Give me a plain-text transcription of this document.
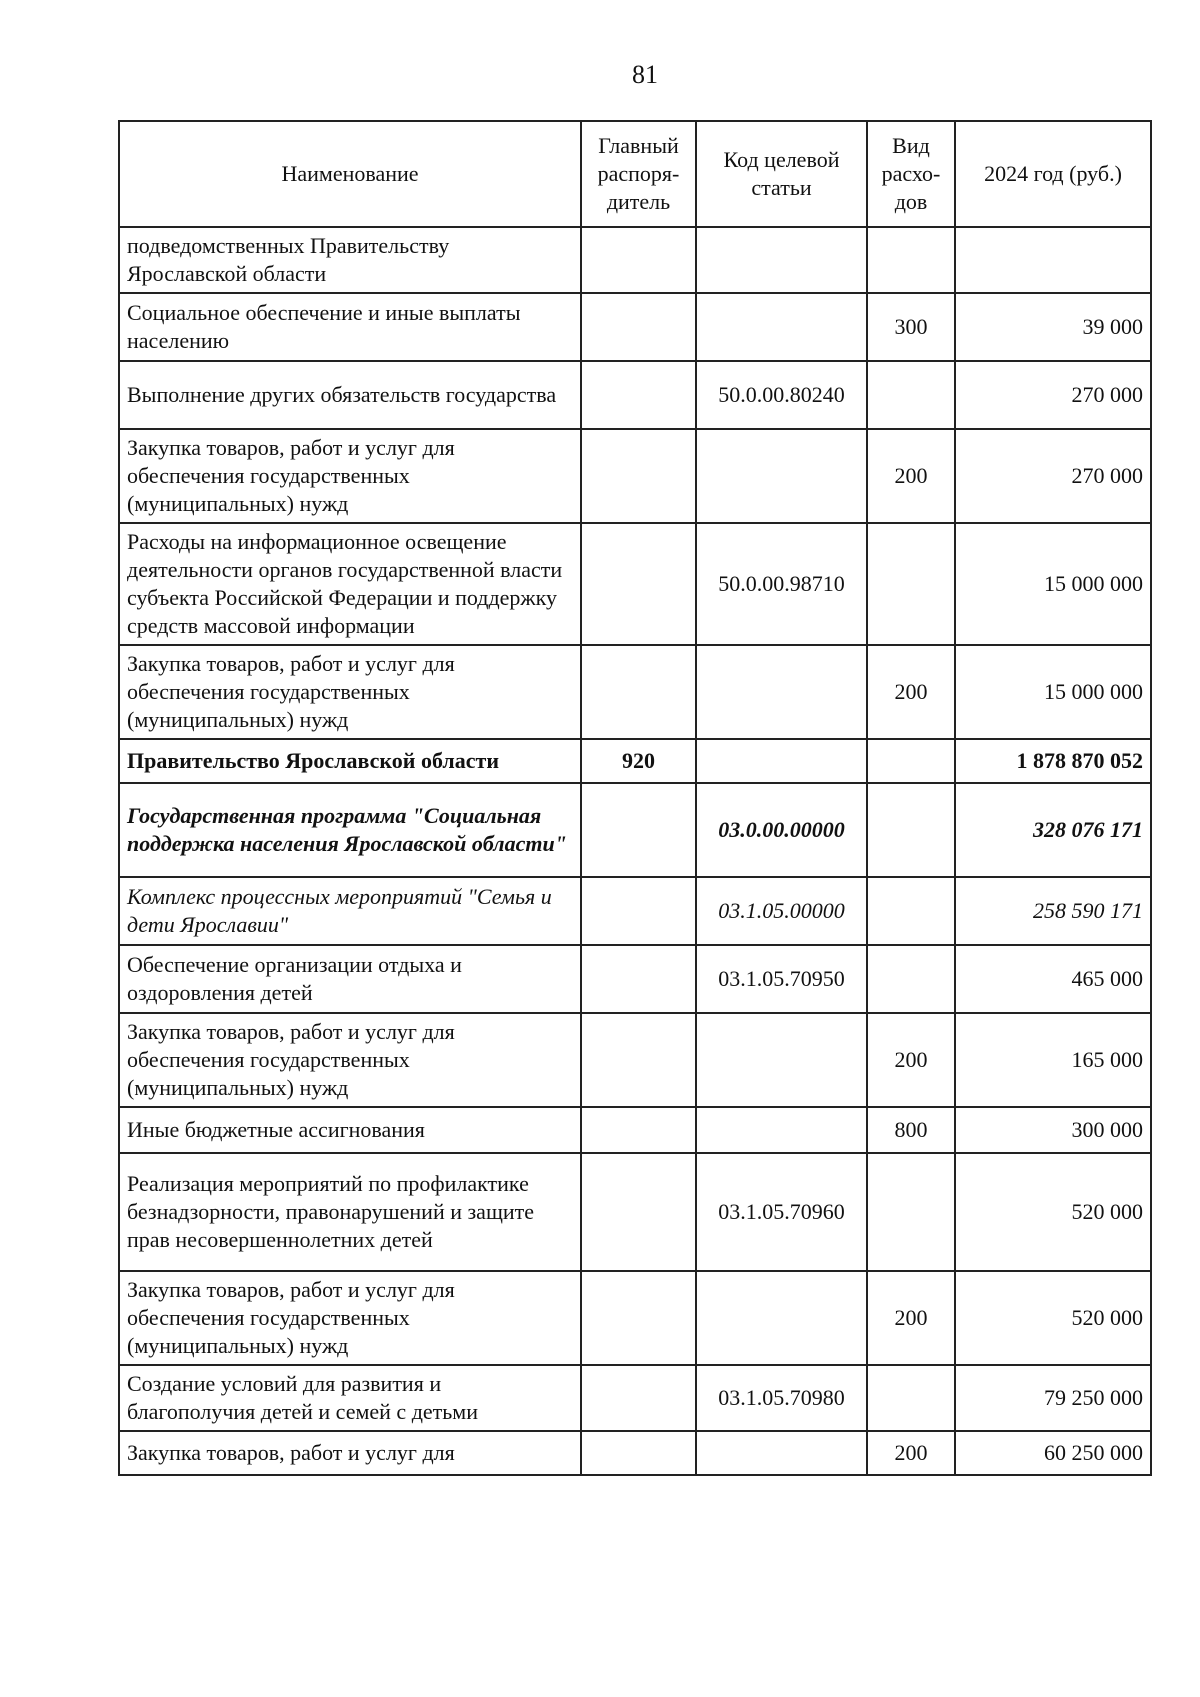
81
Наименование	Главный распоря-дитель	Код целевой статьи	Вид расхо-дов	2024 год (руб.)
подведомственных Правительству Ярославской области				
Социальное обеспечение и иные выплаты населению			300	39 000
Выполнение других обязательств государства		50.0.00.80240		270 000
Закупка товаров, работ и услуг для обеспечения государственных (муниципальных) нужд			200	270 000
Расходы на информационное освещение деятельности органов государственной власти субъекта Российской Федерации и поддержку средств массовой информации		50.0.00.98710		15 000 000
Закупка товаров, работ и услуг для обеспечения государственных (муниципальных) нужд			200	15 000 000
Правительство Ярославской области	920			1 878 870 052
Государственная программа "Социальная поддержка населения Ярославской области"		03.0.00.00000		328 076 171
Комплекс процессных мероприятий "Семья и дети Ярославии"		03.1.05.00000		258 590 171
Обеспечение организации отдыха и оздоровления детей		03.1.05.70950		465 000
Закупка товаров, работ и услуг для обеспечения государственных (муниципальных) нужд			200	165 000
Иные бюджетные ассигнования			800	300 000
Реализация мероприятий по профилактике безнадзорности, правонарушений и защите прав несовершеннолетних детей		03.1.05.70960		520 000
Закупка товаров, работ и услуг для обеспечения государственных (муниципальных) нужд			200	520 000
Создание условий для развития и благополучия детей и семей с детьми		03.1.05.70980		79 250 000
Закупка товаров, работ и услуг для			200	60 250 000
